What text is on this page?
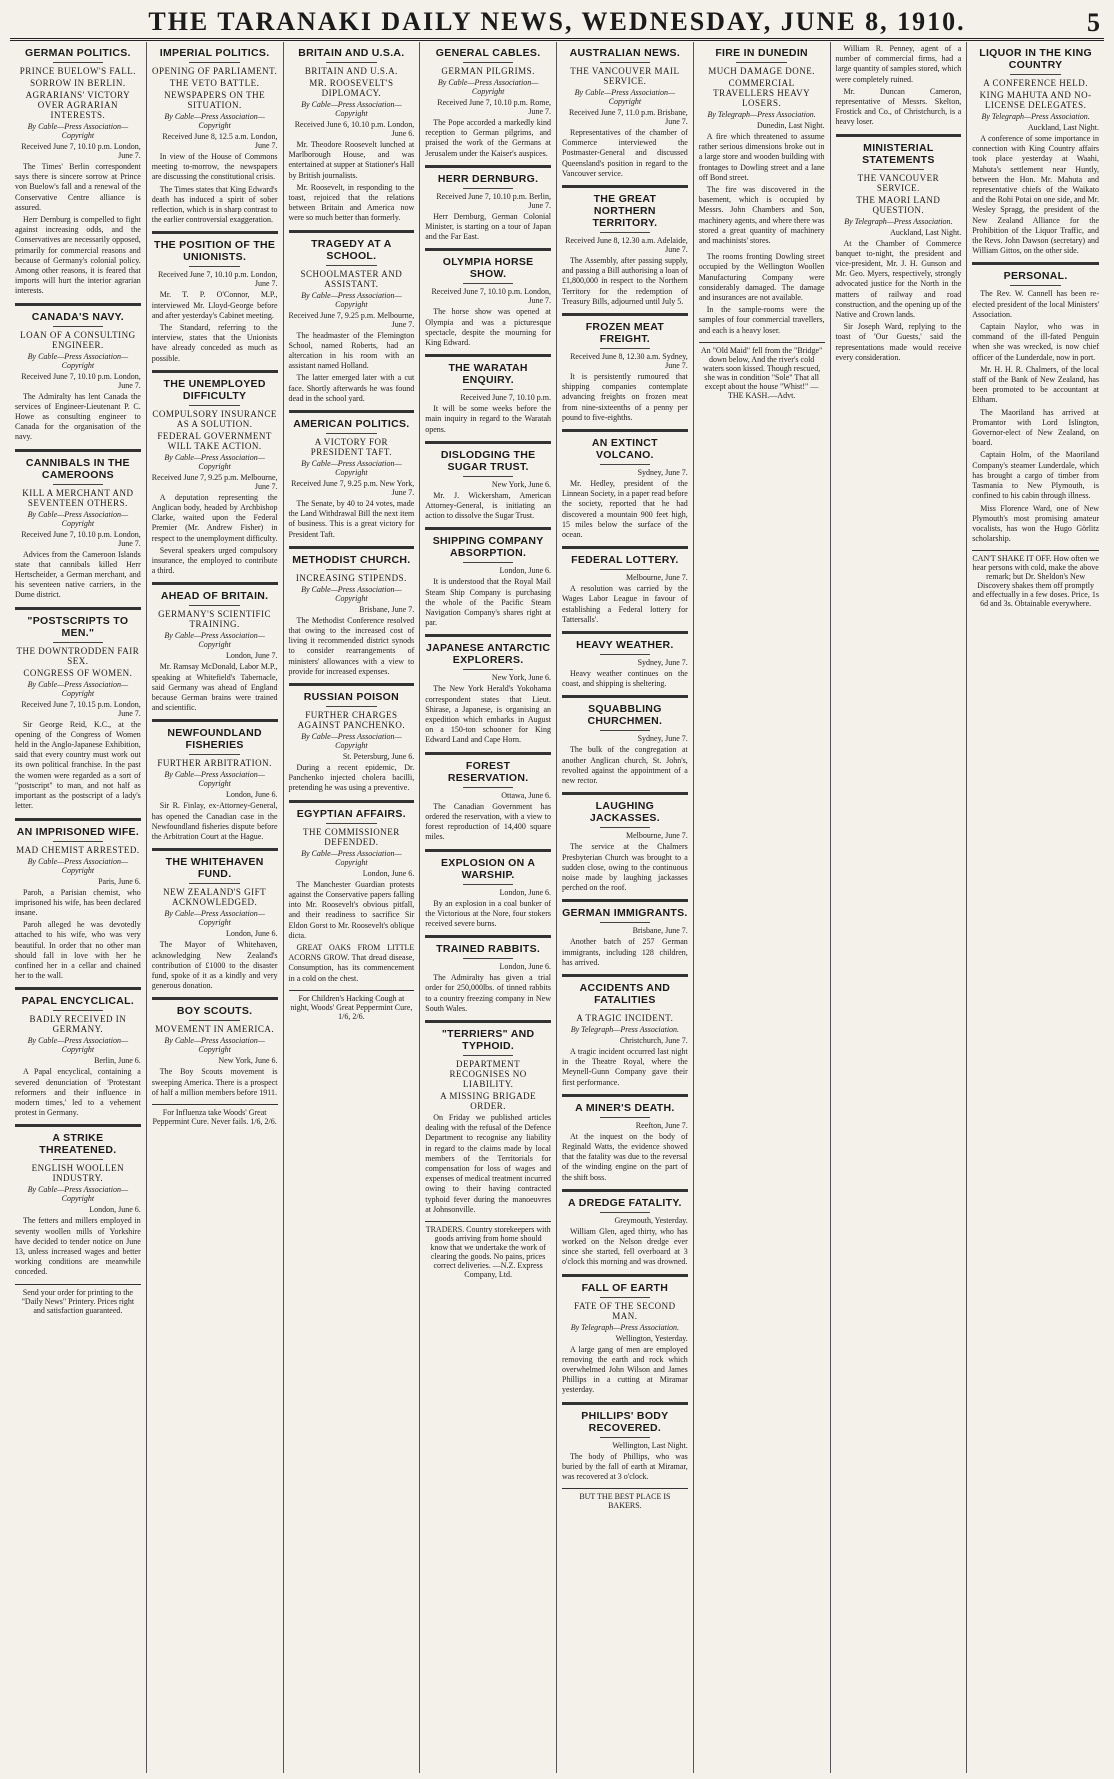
THE TARANAKI DAILY NEWS, WEDNESDAY, JUNE 8, 1910.	5
GERMAN POLITICS.
PRINCE BUELOW'S FALL.
SORROW IN BERLIN.
AGRARIANS' VICTORY OVER AGRARIAN INTERESTS.
By Cable—Press Association—Copyright
Received June 7, 10.10 p.m. London, June 7.

The Times' Berlin correspondent says there is sincere sorrow at Prince von Buelow's fall and a renewal of the Conservative Centre alliance is assured.

Herr Dernburg is compelled to fight against increasing odds, and the Conservatives are necessarily opposed, primarily for commercial reasons and because of Germany's colonial policy. Among other reasons, it is feared that imports will hurt the interior agrarian interests.

CANADA'S NAVY.
LOAN OF A CONSULTING ENGINEER.
By Cable—Press Association—Copyright
Received June 7, 10.10 p.m. London, June 7.

The Admiralty has lent Canada the services of Engineer-Lieutenant P. C. Howe as consulting engineer to Canada for the organisation of the navy.

CANNIBALS IN THE CAMEROONS
KILL A MERCHANT AND SEVENTEEN OTHERS.
By Cable—Press Association—Copyright
Received June 7, 10.10 p.m. London, June 7.

Advices from the Cameroon Islands state that cannibals killed Herr Hertscheider, a German merchant, and his seventeen native carriers, in the Dume district.

"POSTSCRIPTS TO MEN."
THE DOWNTRODDEN FAIR SEX.
CONGRESS OF WOMEN.
By Cable—Press Association—Copyright
Received June 7, 10.15 p.m. London, June 7.

Sir George Reid, K.C., at the opening of the Congress of Women held in the Anglo-Japanese Exhibition, said that every country must work out its own political franchise. In the past the women were regarded as a sort of "postscript" to man, and not half as important as the postscript of a lady's letter.

AN IMPRISONED WIFE.
MAD CHEMIST ARRESTED.
By Cable—Press Association—Copyright
Paris, June 6.

Paroh, a Parisian chemist, who imprisoned his wife, has been declared insane.

Paroh alleged he was devotedly attached to his wife, who was very beautiful. In order that no other man should fall in love with her he confined her in a cellar and chained her to the wall.

PAPAL ENCYCLICAL.
BADLY RECEIVED IN GERMANY.
By Cable—Press Association—Copyright
Berlin, June 6.

A Papal encyclical, containing a severed denunciation of 'Protestant reformers and their influence in modern times,' led to a vehement protest in Germany.

A STRIKE THREATENED.
ENGLISH WOOLLEN INDUSTRY.
By Cable—Press Association—Copyright
London, June 6.

The fetters and millers employed in seventy woollen mills of Yorkshire have decided to tender notice on June 13, unless increased wages and better working conditions are meanwhile conceded.

Send your order for printing to the "Daily News" Printery. Prices right and satisfaction guaranteed.
IMPERIAL POLITICS.
OPENING OF PARLIAMENT.
THE VETO BATTLE.
NEWSPAPERS ON THE SITUATION.
By Cable—Press Association—Copyright
Received June 8, 12.5 a.m. London, June 7.

In view of the House of Commons meeting to-morrow, the newspapers are discussing the constitutional crisis.

The Times states that King Edward's death has induced a spirit of sober reflection, which is in sharp contrast to the earlier controversial exaggeration.

THE POSITION OF THE UNIONISTS.
Received June 7, 10.10 p.m. London, June 7.

Mr. T. P. O'Connor, M.P., interviewed Mr. Lloyd-George before and after yesterday's Cabinet meeting.

The Standard, referring to the interview, states that the Unionists have already conceded as much as possible.

THE UNEMPLOYED DIFFICULTY
COMPULSORY INSURANCE AS A SOLUTION.
FEDERAL GOVERNMENT WILL TAKE ACTION.
By Cable—Press Association—Copyright
Received June 7, 9.25 p.m. Melbourne, June 7.

A deputation representing the Anglican body, headed by Archbishop Clarke, waited upon the Federal Premier (Mr. Andrew Fisher) in respect to the unemployment difficulty.

Several speakers urged compulsory insurance, the employed to contribute a third.

AHEAD OF BRITAIN.
GERMANY'S SCIENTIFIC TRAINING.
By Cable—Press Association—Copyright
London, June 7.

Mr. Ramsay McDonald, Labor M.P., speaking at Whitefield's Tabernacle, said Germany was ahead of England because German brains were trained and scientific.

NEWFOUNDLAND FISHERIES
FURTHER ARBITRATION.
By Cable—Press Association—Copyright
London, June 6.

Sir R. Finlay, ex-Attorney-General, has opened the Canadian case in the Newfoundland fisheries dispute before the Arbitration Court at the Hague.

THE WHITEHAVEN FUND.
NEW ZEALAND'S GIFT ACKNOWLEDGED.
By Cable—Press Association—Copyright
London, June 6.

The Mayor of Whitehaven, acknowledging New Zealand's contribution of £1000 to the disaster fund, spoke of it as a kindly and very generous donation.

BOY SCOUTS.
MOVEMENT IN AMERICA.
By Cable—Press Association—Copyright
New York, June 6.

The Boy Scouts movement is sweeping America. There is a prospect of half a million members before 1911.

For Influenza take Woods' Great Peppermint Cure. Never fails. 1/6, 2/6.
BRITAIN AND U.S.A.
BRITAIN AND U.S.A.
MR. ROOSEVELT'S DIPLOMACY.
By Cable—Press Association—Copyright
Received June 6, 10.10 p.m. London, June 6.

Mr. Theodore Roosevelt lunched at Marlborough House, and was entertained at supper at Stationer's Hall by British journalists.

Mr. Roosevelt, in responding to the toast, rejoiced that the relations between Britain and America now were so much better than formerly.

TRAGEDY AT A SCHOOL.
SCHOOLMASTER AND ASSISTANT.
By Cable—Press Association—Copyright
Received June 7, 9.25 p.m. Melbourne, June 7.

The headmaster of the Flemington School, named Roberts, had an altercation in his room with an assistant named Holland.

The latter emerged later with a cut face. Shortly afterwards he was found dead in the school yard.

AMERICAN POLITICS.
A VICTORY FOR PRESIDENT TAFT.
By Cable—Press Association—Copyright
Received June 7, 9.25 p.m. New York, June 7.

The Senate, by 40 to 24 votes, made the Land Withdrawal Bill the next item of business. This is a great victory for President Taft.

METHODIST CHURCH.
INCREASING STIPENDS.
By Cable—Press Association—Copyright
Brisbane, June 7.

The Methodist Conference resolved that owing to the increased cost of living it recommended district synods to consider rearrangements of ministers' allowances with a view to provide for increased expenses.

RUSSIAN POISON
FURTHER CHARGES AGAINST PANCHENKO.
By Cable—Press Association—Copyright
St. Petersburg, June 6.

During a recent epidemic, Dr. Panchenko injected cholera bacilli, pretending he was using a preventive.

EGYPTIAN AFFAIRS.
THE COMMISSIONER DEFENDED.
By Cable—Press Association—Copyright
London, June 6.

The Manchester Guardian protests against the Conservative papers falling into Mr. Roosevelt's obvious pitfall, and their readiness to sacrifice Sir Eldon Gorst to Mr. Roosevelt's oblique dicta.

GREAT OAKS FROM LITTLE ACORNS GROW. That dread disease, Consumption, has its commencement in a cold on the chest.

For Children's Hacking Cough at night, Woods' Great Peppermint Cure, 1/6, 2/6.
GENERAL CABLES.
GERMAN PILGRIMS.
By Cable—Press Association—Copyright
Received June 7, 10.10 p.m. Rome, June 7.

The Pope accorded a markedly kind reception to German pilgrims, and praised the work of the Germans at Jerusalem under the Kaiser's auspices.

HERR DERNBURG.
Received June 7, 10.10 p.m. Berlin, June 7.

Herr Dernburg, German Colonial Minister, is starting on a tour of Japan and the Far East.

OLYMPIA HORSE SHOW.
Received June 7, 10.10 p.m. London, June 7.

The horse show was opened at Olympia and was a picturesque spectacle, despite the mourning for King Edward.

THE WARATAH ENQUIRY.
Received June 7, 10.10 p.m.

It will be some weeks before the main inquiry in regard to the Waratah opens.

DISLODGING THE SUGAR TRUST.
New York, June 6.

Mr. J. Wickersham, American Attorney-General, is initiating an action to dissolve the Sugar Trust.

SHIPPING COMPANY ABSORPTION.
London, June 6.

It is understood that the Royal Mail Steam Ship Company is purchasing the whole of the Pacific Steam Navigation Company's shares right at par.

JAPANESE ANTARCTIC EXPLORERS.
New York, June 6.

The New York Herald's Yokohama correspondent states that Lieut. Shirase, a Japanese, is organising an expedition which embarks in August on a 150-ton schooner for King Edward Land and Cape Horn.

FOREST RESERVATION.
Ottawa, June 6.

The Canadian Government has ordered the reservation, with a view to forest reproduction of 14,400 square miles.

EXPLOSION ON A WARSHIP.
London, June 6.

By an explosion in a coal bunker of the Victorious at the Nore, four stokers received severe burns.

TRAINED RABBITS.
London, June 6.

The Admiralty has given a trial order for 250,000lbs. of tinned rabbits to a country freezing company in New South Wales.

"TERRIERS" AND TYPHOID.
DEPARTMENT RECOGNISES NO LIABILITY.
A MISSING BRIGADE ORDER.

On Friday we published articles dealing with the refusal of the Defence Department to recognise any liability in regard to the claims made by local members of the Territorials for compensation for loss of wages and expenses of medical treatment incurred owing to their having contracted typhoid fever during the manoeuvres at Johnsonville.

TRADERS. Country storekeepers with goods arriving from home should know that we undertake the work of clearing the goods. No pains, prices correct deliveries. —N.Z. Express Company, Ltd.
AUSTRALIAN NEWS.
THE VANCOUVER MAIL SERVICE.
By Cable—Press Association—Copyright
Received June 7, 11.0 p.m. Brisbane, June 7.

Representatives of the chamber of Commerce interviewed the Postmaster-General and discussed Queensland's position in regard to the Vancouver service.

THE GREAT NORTHERN TERRITORY.
Received June 8, 12.30 a.m. Adelaide, June 7.

The Assembly, after passing supply, and passing a Bill authorising a loan of £1,800,000 in respect to the Northern Territory for the redemption of Treasury Bills, adjourned until July 5.

FROZEN MEAT FREIGHT.
Received June 8, 12.30 a.m. Sydney, June 7.

It is persistently rumoured that shipping companies contemplate advancing freights on frozen meat from nine-sixteenths of a penny per pound to five-eighths.

AN EXTINCT VOLCANO.
Sydney, June 7.

Mr. Hedley, president of the Linnean Society, in a paper read before the society, reported that he had discovered a mountain 900 feet high, 15 miles below the surface of the ocean.

FEDERAL LOTTERY.
Melbourne, June 7.

A resolution was carried by the Wages Labor League in favour of establishing a Federal lottery for Tattersalls'.

HEAVY WEATHER.
Sydney, June 7.

Heavy weather continues on the coast, and shipping is sheltering.

SQUABBLING CHURCHMEN.
Sydney, June 7.

The bulk of the congregation at another Anglican church, St. John's, revolted against the appointment of a new rector.

LAUGHING JACKASSES.
Melbourne, June 7.

The service at the Chalmers Presbyterian Church was brought to a sudden close, owing to the continuous noise made by laughing jackasses perched on the roof.

GERMAN IMMIGRANTS.
Brisbane, June 7.

Another batch of 257 German immigrants, including 128 children, has arrived.

ACCIDENTS AND FATALITIES
A TRAGIC INCIDENT.
By Telegraph—Press Association.
Christchurch, June 7.

A tragic incident occurred last night in the Theatre Royal, where the Meynell-Gunn Company gave their first performance.

A MINER'S DEATH.
Reefton, June 7.

At the inquest on the body of Reginald Watts, the evidence showed that the fatality was due to the reversal of the winding engine on the part of the shift boss.

A DREDGE FATALITY.
Greymouth, Yesterday.

William Glen, aged thirty, who has worked on the Nelson dredge ever since she started, fell overboard at 3 o'clock this morning and was drowned.

FALL OF EARTH
FATE OF THE SECOND MAN.
By Telegraph—Press Association.
Wellington, Yesterday.

A large gang of men are employed removing the earth and rock which overwhelmed John Wilson and James Phillips in a cutting at Miramar yesterday.

PHILLIPS' BODY RECOVERED.
Wellington, Last Night.

The body of Phillips, who was buried by the fall of earth at Miramar, was recovered at 3 o'clock.

BUT THE BEST PLACE IS BAKERS.
FIRE IN DUNEDIN
MUCH DAMAGE DONE.
COMMERCIAL TRAVELLERS HEAVY LOSERS.
By Telegraph—Press Association.
Dunedin, Last Night.

A fire which threatened to assume rather serious dimensions broke out in a large store and wooden building with frontages to Dowling street and a lane off Bond street.

The fire was discovered in the basement, which is occupied by Messrs. John Chambers and Son, machinery agents, and where there was stored a great quantity of machinery and machinists' stores.

The rooms fronting Dowling street occupied by the Wellington Woollen Manufacturing Company were considerably damaged. The damage and insurances are not available.

In the sample-rooms were the samples of four commercial travellers, and each is a heavy loser.

An "Old Maid" fell from the "Bridge" down below, And the river's cold waters soon kissed. Though rescued, she was in condition "Sole" That all except about the house "Whist!" —THE KASH.—Advt.

William R. Penney, agent of a number of commercial firms, had a large quantity of samples stored, which were completely ruined.

Mr. Duncan Cameron, representative of Messrs. Skelton, Frostick and Co., of Christchurch, is a heavy loser.

MINISTERIAL STATEMENTS
THE VANCOUVER SERVICE.
THE MAORI LAND QUESTION.
By Telegraph—Press Association.
Auckland, Last Night.

At the Chamber of Commerce banquet to-night, the president and vice-president, Mr. J. H. Gunson and Mr. Geo. Myers, respectively, strongly advocated justice for the North in the matters of railway and road construction, and the opening up of the Native and Crown lands.

Sir Joseph Ward, replying to the toast of 'Our Guests,' said the representations made would receive every consideration.

LIQUOR IN THE KING COUNTRY
A CONFERENCE HELD.
KING MAHUTA AND NO-LICENSE DELEGATES.
By Telegraph—Press Association.
Auckland, Last Night.

A conference of some importance in connection with King Country affairs took place yesterday at Waahi, Mahuta's settlement near Huntly, between the Hon. Mr. Mahuta and representative chiefs of the Waikato and the Rohi Potai on one side, and Mr. Wesley Spragg, the president of the New Zealand Alliance for the Prohibition of the Liquor Traffic, and the Revs. John Dawson (secretary) and William Gittos, on the other side.

PERSONAL.

The Rev. W. Cannell has been re-elected president of the local Ministers' Association.

Captain Naylor, who was in command of the ill-fated Penguin when she was wrecked, is now chief officer of the Lunderdale, now in port.

Mr. H. H. R. Chalmers, of the local staff of the Bank of New Zealand, has been promoted to be accountant at Eltham.

The Maoriland has arrived at Promantor with Lord Islington, Governor-elect of New Zealand, on board.

Captain Holm, of the Maoriland Company's steamer Lunderdale, which has brought a cargo of timber from Tasmania to New Plymouth, is confined to his cabin through illness.

Miss Florence Ward, one of New Plymouth's most promising amateur vocalists, has won the Hugo Görlitz scholarship.

CAN'T SHAKE IT OFF. How often we hear persons with cold, make the above remark; but Dr. Sheldon's New Discovery shakes them off promptly and effectually in a few doses. Price, 1s 6d and 3s. Obtainable everywhere.
